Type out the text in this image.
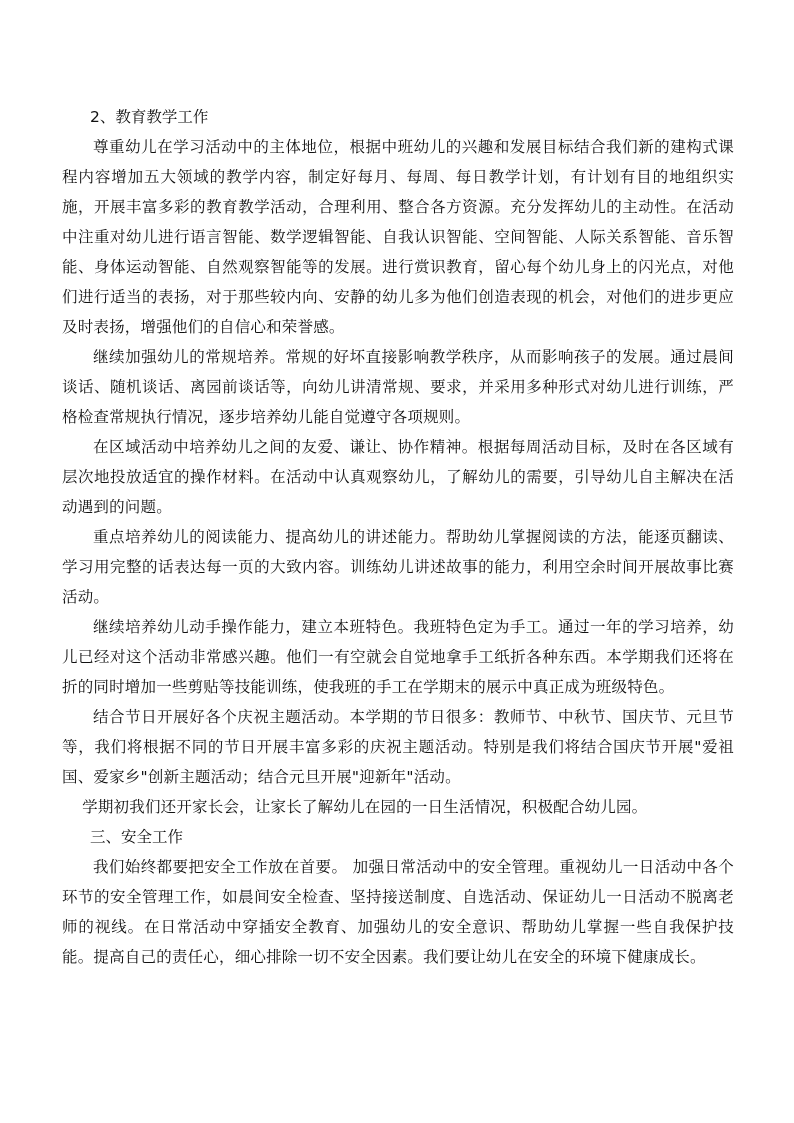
2、教育教学工作

尊重幼儿在学习活动中的主体地位，根据中班幼儿的兴趣和发展目标结合我们新的建构式课程内容增加五大领域的教学内容，制定好每月、每周、每日教学计划，有计划有目的地组织实施，开展丰富多彩的教育教学活动，合理利用、整合各方资源。充分发挥幼儿的主动性。在活动中注重对幼儿进行语言智能、数学逻辑智能、自我认识智能、空间智能、人际关系智能、音乐智能、身体运动智能、自然观察智能等的发展。进行赏识教育，留心每个幼儿身上的闪光点，对他们进行适当的表扬，对于那些较内向、安静的幼儿多为他们创造表现的机会，对他们的进步更应及时表扬，增强他们的自信心和荣誉感。

继续加强幼儿的常规培养。常规的好坏直接影响教学秩序，从而影响孩子的发展。通过晨间谈话、随机谈话、离园前谈话等，向幼儿讲清常规、要求，并采用多种形式对幼儿进行训练，严格检查常规执行情况，逐步培养幼儿能自觉遵守各项规则。

在区域活动中培养幼儿之间的友爱、谦让、协作精神。根据每周活动目标，及时在各区域有层次地投放适宜的操作材料。在活动中认真观察幼儿，了解幼儿的需要，引导幼儿自主解决在活动遇到的问题。

重点培养幼儿的阅读能力、提高幼儿的讲述能力。帮助幼儿掌握阅读的方法，能逐页翻读、学习用完整的话表达每一页的大致内容。训练幼儿讲述故事的能力，利用空余时间开展故事比赛活动。

继续培养幼儿动手操作能力，建立本班特色。我班特色定为手工。通过一年的学习培养，幼儿已经对这个活动非常感兴趣。他们一有空就会自觉地拿手工纸折各种东西。本学期我们还将在折的同时增加一些剪贴等技能训练，使我班的手工在学期末的展示中真正成为班级特色。

结合节日开展好各个庆祝主题活动。本学期的节日很多：教师节、中秋节、国庆节、元旦节等，我们将根据不同的节日开展丰富多彩的庆祝主题活动。特别是我们将结合国庆节开展"爱祖国、爱家乡"创新主题活动；结合元旦开展"迎新年"活动。

学期初我们还开家长会，让家长了解幼儿在园的一日生活情况，积极配合幼儿园。

三、安全工作

我们始终都要把安全工作放在首要。 加强日常活动中的安全管理。重视幼儿一日活动中各个环节的安全管理工作，如晨间安全检查、坚持接送制度、自选活动、保证幼儿一日活动不脱离老师的视线。在日常活动中穿插安全教育、加强幼儿的安全意识、帮助幼儿掌握一些自我保护技能。提高自己的责任心，细心排除一切不安全因素。我们要让幼儿在安全的环境下健康成长。
